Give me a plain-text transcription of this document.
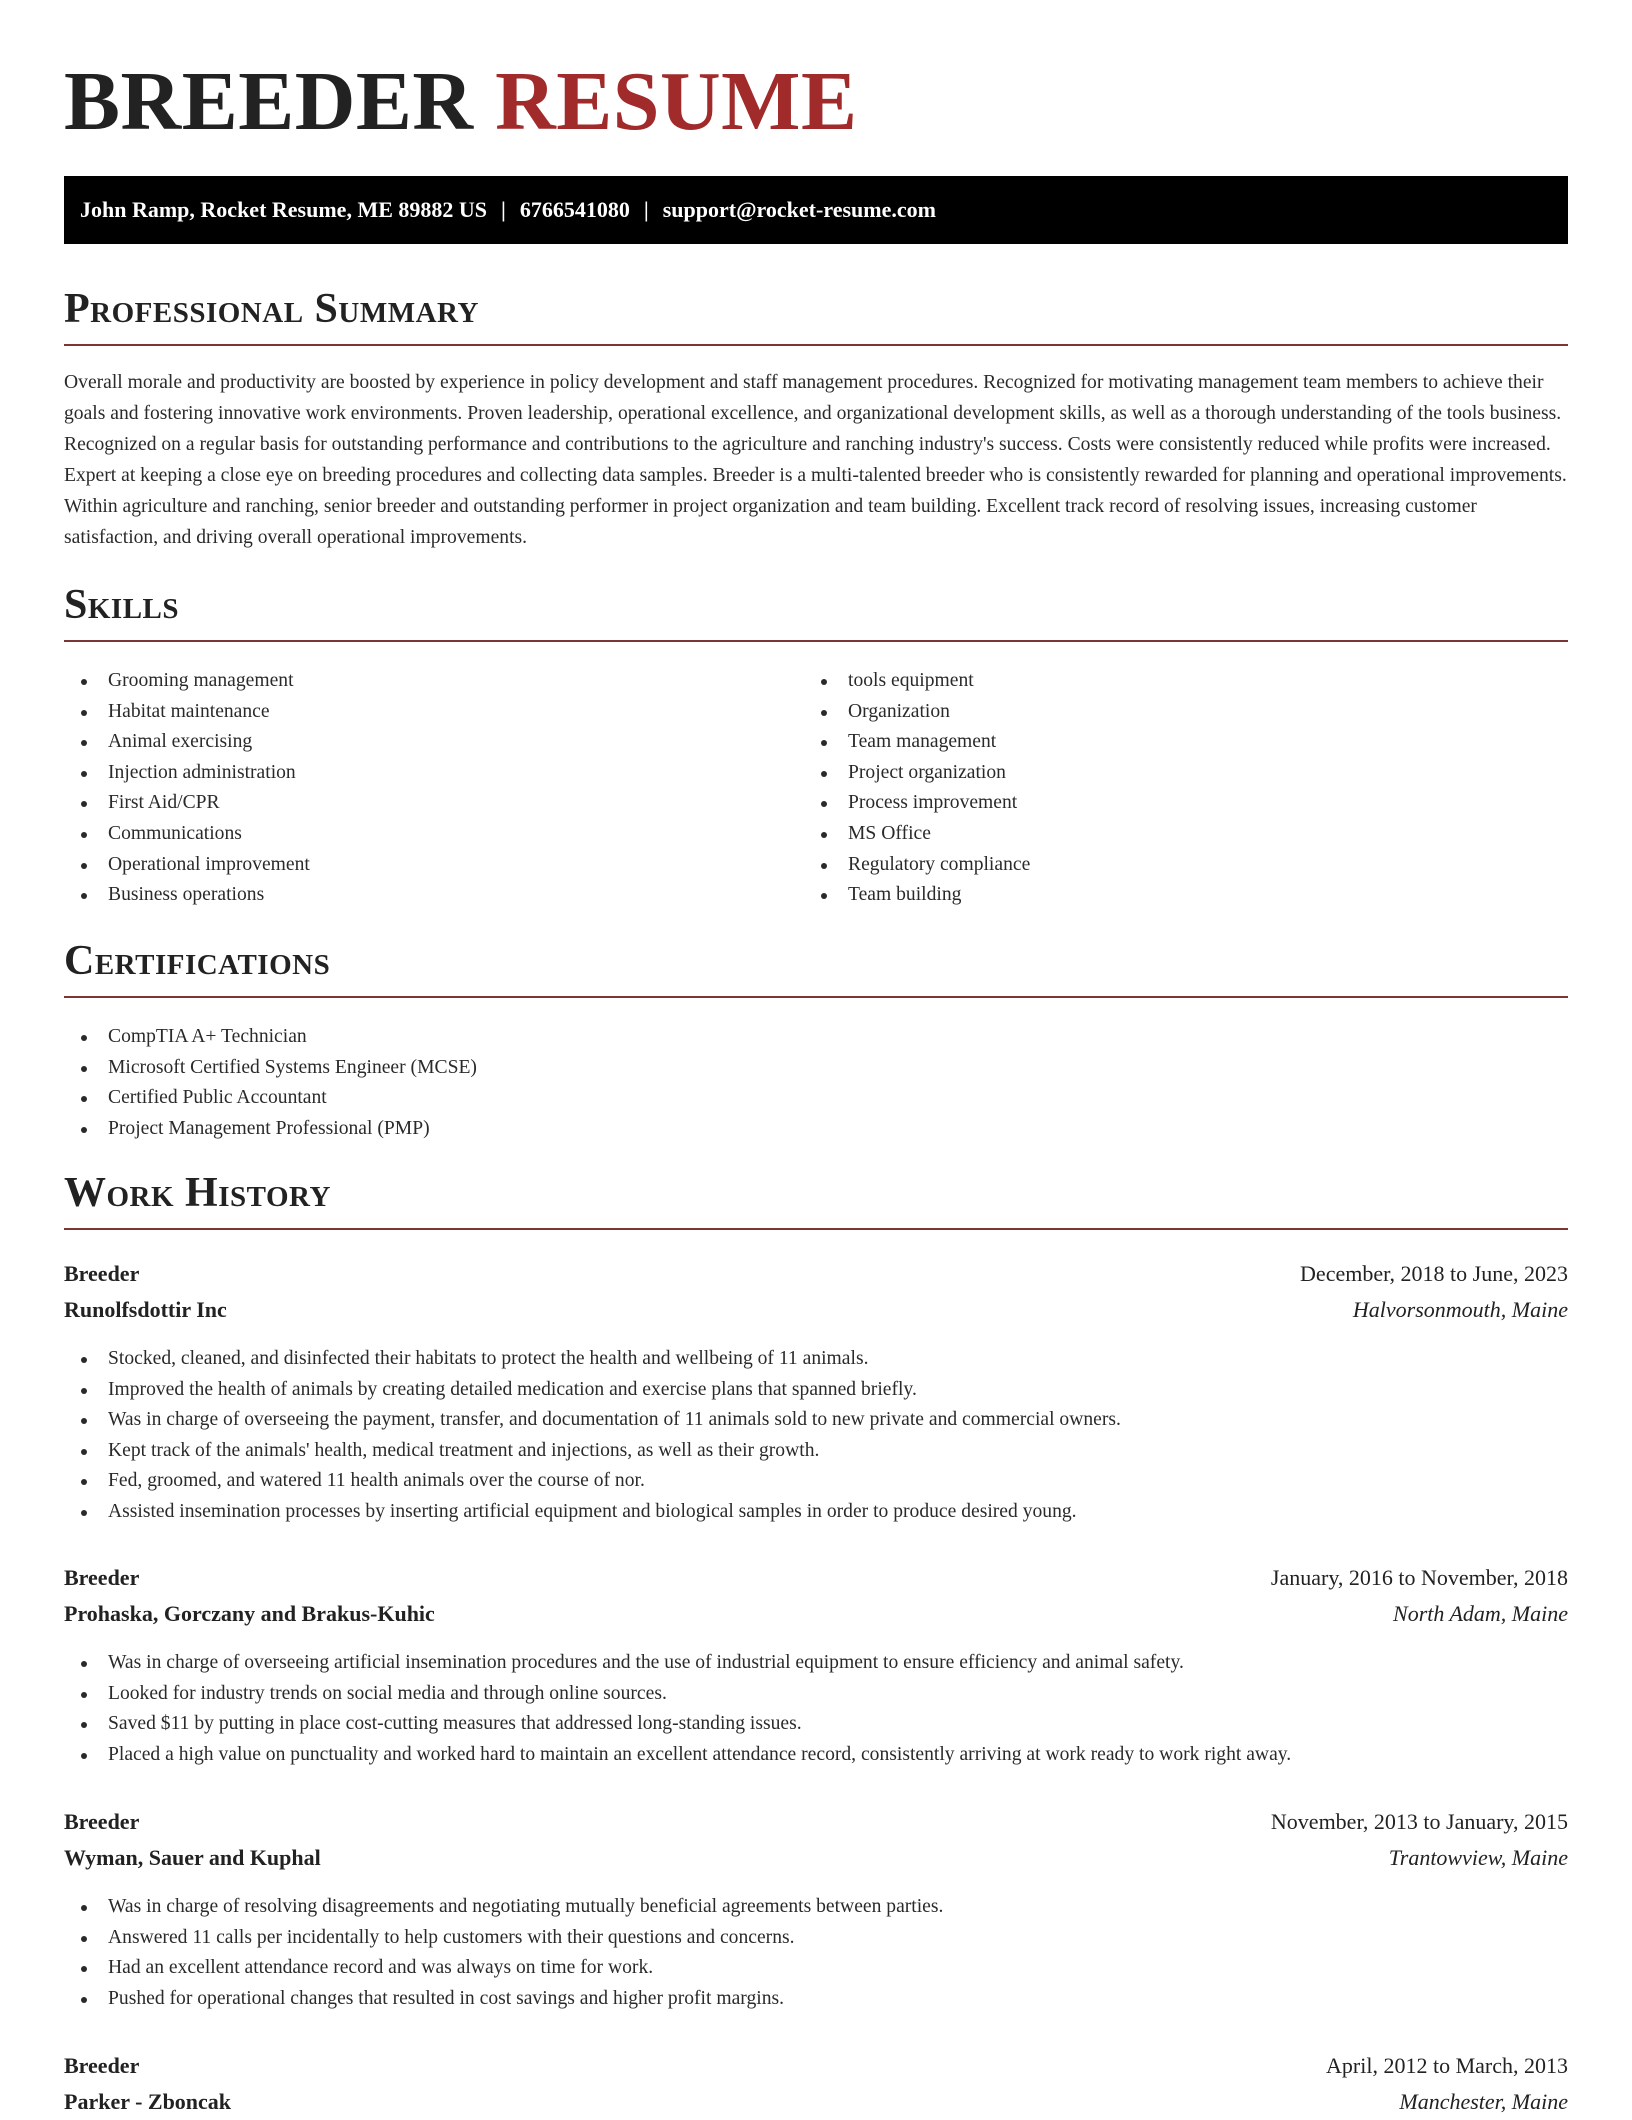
BREEDER RESUME
John Ramp, Rocket Resume, ME 89882 US | 6766541080 | support@rocket-resume.com
Professional Summary

Overall morale and productivity are boosted by experience in policy development and staff management procedures. Recognized for motivating management team members to achieve their goals and fostering innovative work environments. Proven leadership, operational excellence, and organizational development skills, as well as a thorough understanding of the tools business. Recognized on a regular basis for outstanding performance and contributions to the agriculture and ranching industry's success. Costs were consistently reduced while profits were increased. Expert at keeping a close eye on breeding procedures and collecting data samples. Breeder is a multi-talented breeder who is consistently rewarded for planning and operational improvements. Within agriculture and ranching, senior breeder and outstanding performer in project organization and team building. Excellent track record of resolving issues, increasing customer satisfaction, and driving overall operational improvements.

Skills
Grooming management
Habitat maintenance
Animal exercising
Injection administration
First Aid/CPR
Communications
Operational improvement
Business operations
tools equipment
Organization
Team management
Project organization
Process improvement
MS Office
Regulatory compliance
Team building
Certifications
CompTIA A+ Technician
Microsoft Certified Systems Engineer (MCSE)
Certified Public Accountant
Project Management Professional (PMP)
Work History
Breeder	December, 2018 to June, 2023
Runolfsdottir Inc	Halvorsonmouth, Maine
Stocked, cleaned, and disinfected their habitats to protect the health and wellbeing of 11 animals.
Improved the health of animals by creating detailed medication and exercise plans that spanned briefly.
Was in charge of overseeing the payment, transfer, and documentation of 11 animals sold to new private and commercial owners.
Kept track of the animals' health, medical treatment and injections, as well as their growth.
Fed, groomed, and watered 11 health animals over the course of nor.
Assisted insemination processes by inserting artificial equipment and biological samples in order to produce desired young.
Breeder	January, 2016 to November, 2018
Prohaska, Gorczany and Brakus-Kuhic	North Adam, Maine
Was in charge of overseeing artificial insemination procedures and the use of industrial equipment to ensure efficiency and animal safety.
Looked for industry trends on social media and through online sources.
Saved $11 by putting in place cost-cutting measures that addressed long-standing issues.
Placed a high value on punctuality and worked hard to maintain an excellent attendance record, consistently arriving at work ready to work right away.
Breeder	November, 2013 to January, 2015
Wyman, Sauer and Kuphal	Trantowview, Maine
Was in charge of resolving disagreements and negotiating mutually beneficial agreements between parties.
Answered 11 calls per incidentally to help customers with their questions and concerns.
Had an excellent attendance record and was always on time for work.
Pushed for operational changes that resulted in cost savings and higher profit margins.
Breeder	April, 2012 to March, 2013
Parker - Zboncak	Manchester, Maine
